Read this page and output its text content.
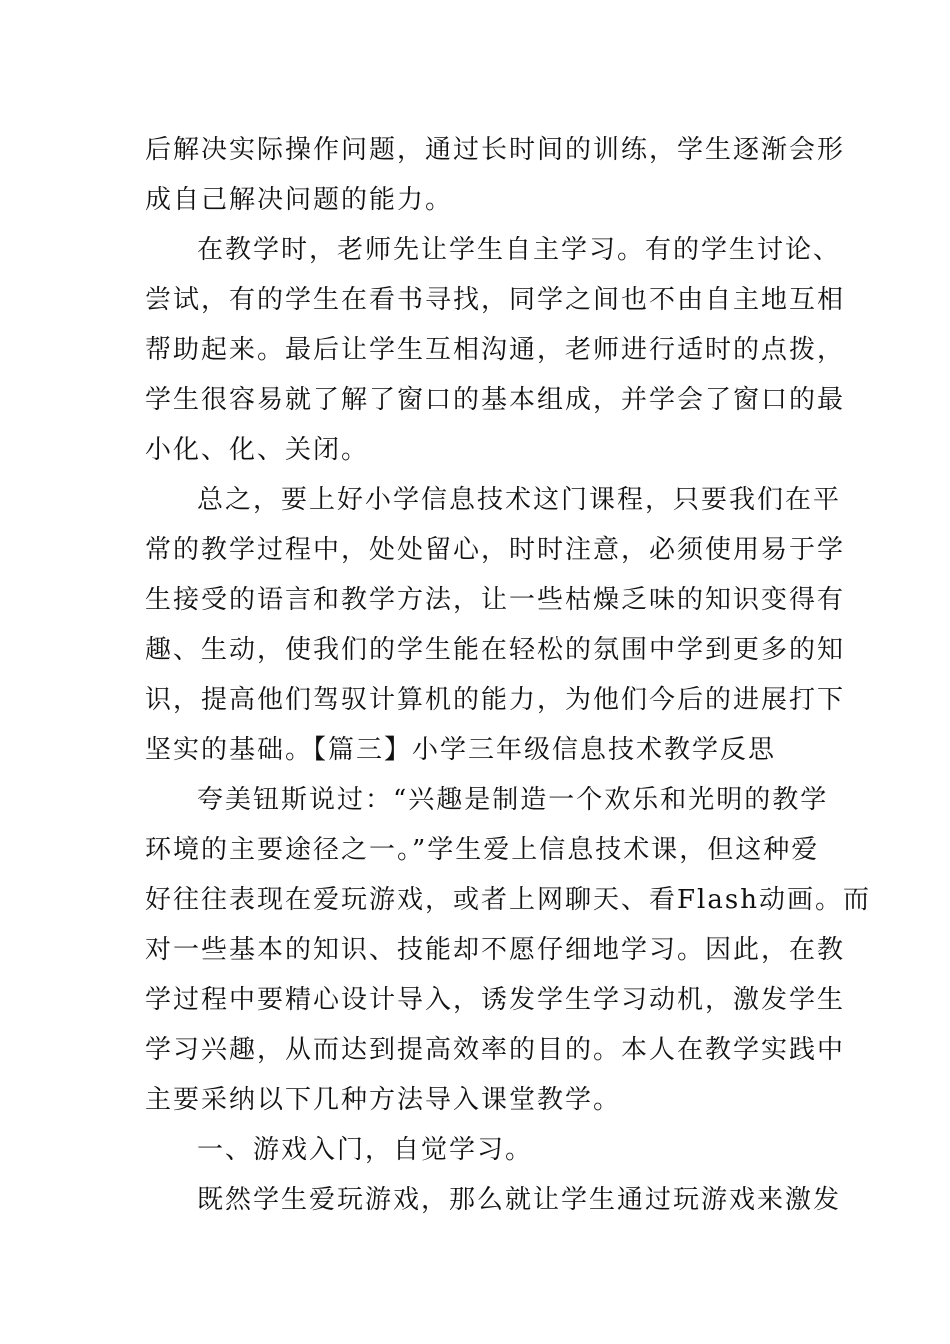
后解决实际操作问题，通过长时间的训练，学生逐渐会形
成自己解决问题的能力。
在教学时，老师先让学生自主学习。有的学生讨论、
尝试，有的学生在看书寻找，同学之间也不由自主地互相
帮助起来。最后让学生互相沟通，老师进行适时的点拨，
学生很容易就了解了窗口的基本组成，并学会了窗口的最
小化、化、关闭。
总之，要上好小学信息技术这门课程，只要我们在平
常的教学过程中，处处留心，时时注意，必须使用易于学
生接受的语言和教学方法，让一些枯燥乏味的知识变得有
趣、生动，使我们的学生能在轻松的氛围中学到更多的知
识，提高他们驾驭计算机的能力，为他们今后的进展打下
坚实的基础。【篇三】小学三年级信息技术教学反思
夸美钮斯说过：“兴趣是制造一个欢乐和光明的教学
环境的主要途径之一。”学生爱上信息技术课，但这种爱
好往往表现在爱玩游戏，或者上网聊天、看Flash动画。而
对一些基本的知识、技能却不愿仔细地学习。因此，在教
学过程中要精心设计导入，诱发学生学习动机，激发学生
学习兴趣，从而达到提高效率的目的。本人在教学实践中
主要采纳以下几种方法导入课堂教学。
一、游戏入门，自觉学习。
既然学生爱玩游戏，那么就让学生通过玩游戏来激发
